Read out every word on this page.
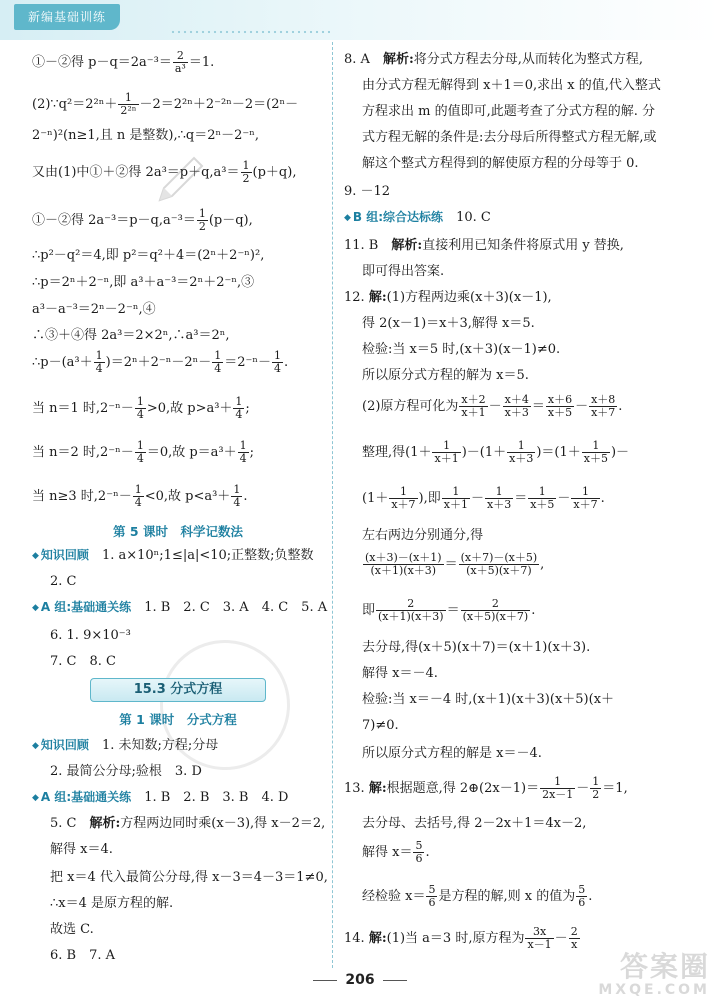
新编基础训练
①－②得 $p-q=2a^{-3}= \frac{2}{\text{a³}} =1$.
(2)∵q²＝2²ⁿ＋ $\frac{1}{\text{2²ⁿ}} -2=2^{2n}+2^{-2n}-2=(2^n-$
2⁻ⁿ)²(n≥1,且 n 是整数),∴q＝2ⁿ－2⁻ⁿ,
又由(1)中①＋②得 $2a^3=p+q,a^3= \frac{1}{2} (p+q)$,
①－②得 $2a^{-3}=p-q,a^{-3}= \frac{1}{2} (p-q)$,
∴p²－q²＝4,即 p²＝q²＋4＝(2ⁿ＋2⁻ⁿ)²,
∴p＝2ⁿ＋2⁻ⁿ,即 a³＋a⁻³＝2ⁿ＋2⁻ⁿ,③
a³－a⁻³＝2ⁿ－2⁻ⁿ,④
∴③＋④得 2a³＝2×2ⁿ,∴a³＝2ⁿ,
∴p－(a³＋ $\frac{1}{4} )=2^n+2^{-n}-2^n- \frac{1}{4} =2^{-n}- \frac{1}{4}$ .
当 n＝1 时$,2^{-n}- \frac{1}{4} >0$,故 $p>a^3+ \frac{1}{4}$ ;
当 n＝2 时$,2^{-n}- \frac{1}{4} =0$,故 $p=a^3+ \frac{1}{4}$ ;
当 n≥3 时$,2^{-n}- \frac{1}{4} <0$,故 $p<a^3+ \frac{1}{4}$ .
第 5 课时　科学记数法
◆ 知识回顾　 1. a×10ⁿ;1≤|a|<10;正整数;负整数
2. C
◆ A 组:基础通关练　 1. B　2. C　3. A　4. C　5. A
6. 1. 9×10⁻³
7. C　8. C
15.3 分式方程
第 1 课时　分式方程
◆ 知识回顾　 1. 未知数;方程;分母
2. 最简公分母;验根　3. D
◆ A 组:基础通关练　 1. B　2. B　3. B　4. D
5. C　解析:方程两边同时乘(x－3),得 x－2＝2,
解得 x＝4.
把 x＝4 代入最简公分母,得 x－3＝4－3＝1≠0,
∴x＝4 是原方程的解.
故选 C.
6. B　7. A
8. A　解析:将分式方程去分母,从而转化为整式方程,
由分式方程无解得到 x＋1＝0,求出 x 的值,代入整式
方程求出 m 的值即可,此题考查了分式方程的解. 分
式方程无解的条件是:去分母后所得整式方程无解,或
解这个整式方程得到的解使原方程的分母等于 0.
9. －12
◆ B 组:综合达标练　 10. C
11. B　解析:直接利用已知条件将原式用 y 替换,
即可得出答案.
12. 解:(1)方程两边乘(x＋3)(x－1),
得 2(x－1)＝x＋3,解得 x＝5.
检验:当 x＝5 时,(x＋3)(x－1)≠0.
所以原分式方程的解为 x＝5.
(2)原方程可化为 $\frac{x+2}{x+1} - \frac{x+4}{x+3} = \frac{x+6}{x+5} - \frac{x+8}{x+7}$ .
整理,得$(1+ \frac{1}{x+1} )-(1+ \frac{1}{x+3} )=(1+ \frac{1}{x+5}$ )－
($1+ \frac{1}{x+7}$ ),即 $\frac{1}{x+1} - \frac{1}{x+3} = \frac{1}{x+5} - \frac{1}{x+7}$ .
左右两边分别通分,得
$\frac{(x+3)-(x+1)}{(x+1)(x+3)} = \frac{(x+7)-(x+5)}{(x+5)(x+7)}$ ,
即 $\frac{2}{(x+1)(x+3)} = \frac{2}{(x+5)(x+7)}$ .
去分母,得(x＋5)(x＋7)＝(x＋1)(x＋3).
解得 x＝－4.
检验:当 x＝－4 时,(x＋1)(x＋3)(x＋5)(x＋
7)≠0.
所以原分式方程的解是 x＝－4.
13. 解:根据题意,得 2⊕(2x－1)＝ $\frac{1}{2x-1} - \frac{1}{2} =1$,
去分母、去括号,得 2－2x＋1＝4x－2,
解得 $x= \frac{5}{6}$ .
经检验 $x= \frac{5}{6}$ 是方程的解,则 x 的值为 $\frac{5}{6}$ .
14. 解:(1)当 a＝3 时,原方程为 $\frac{3x}{x-1} - \frac{2}{x}$
206	答案圈
MXQE.COM
